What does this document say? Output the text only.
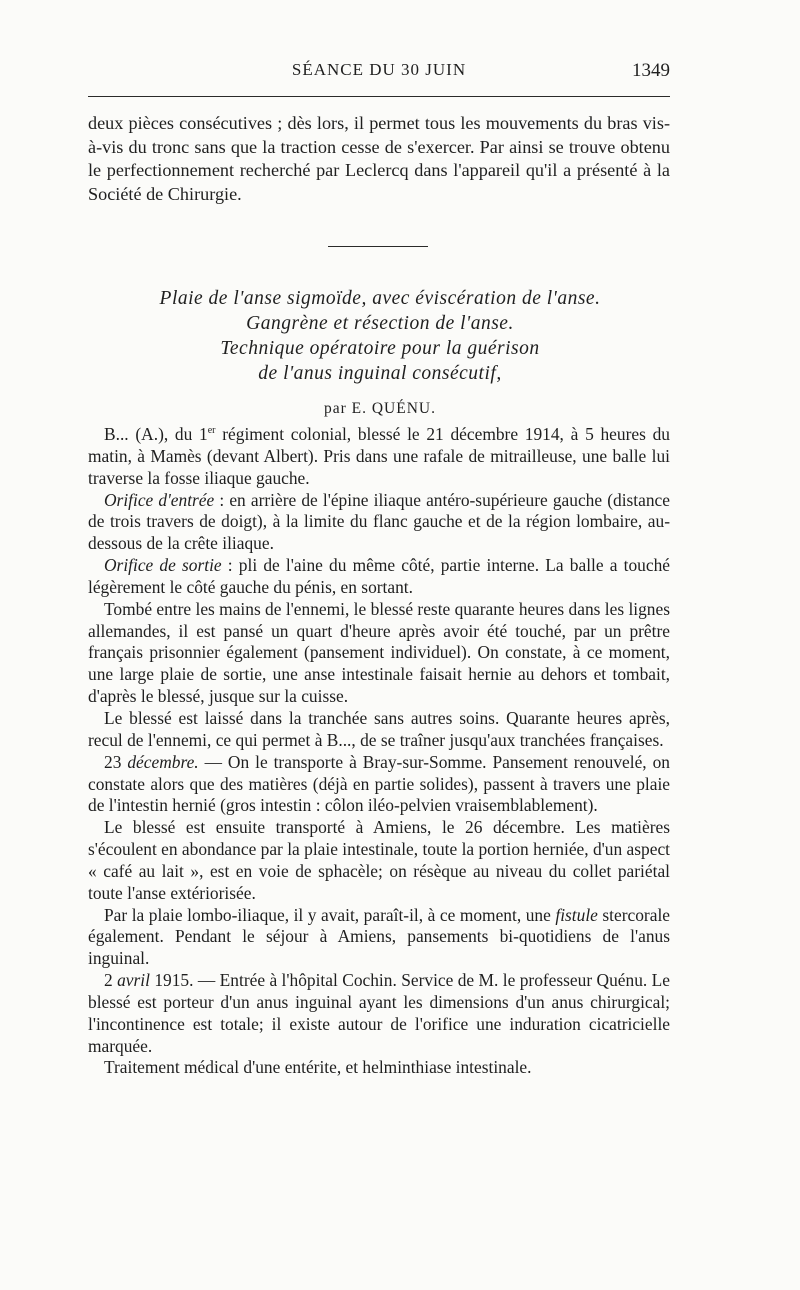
SÉANCE DU 30 JUIN	1349

deux pièces consécutives ; dès lors, il permet tous les mouvements du bras vis-à-vis du tronc sans que la traction cesse de s'exercer. Par ainsi se trouve obtenu le perfectionnement recherché par Leclercq dans l'appareil qu'il a présenté à la Société de Chirurgie.

Plaie de l'anse sigmoïde, avec éviscération de l'anse.
Gangrène et résection de l'anse.
Technique opératoire pour la guérison
de l'anus inguinal consécutif,
par E. QUÉNU.

B... (A.), du 1er régiment colonial, blessé le 21 décembre 1914, à 5 heures du matin, à Mamès (devant Albert). Pris dans une rafale de mitrailleuse, une balle lui traverse la fosse iliaque gauche.

Orifice d'entrée : en arrière de l'épine iliaque antéro-supérieure gauche (distance de trois travers de doigt), à la limite du flanc gauche et de la région lombaire, au-dessous de la crête iliaque.

Orifice de sortie : pli de l'aine du même côté, partie interne. La balle a touché légèrement le côté gauche du pénis, en sortant.

Tombé entre les mains de l'ennemi, le blessé reste quarante heures dans les lignes allemandes, il est pansé un quart d'heure après avoir été touché, par un prêtre français prisonnier également (pansement individuel). On constate, à ce moment, une large plaie de sortie, une anse intestinale faisait hernie au dehors et tombait, d'après le blessé, jusque sur la cuisse.

Le blessé est laissé dans la tranchée sans autres soins. Quarante heures après, recul de l'ennemi, ce qui permet à B..., de se traîner jusqu'aux tranchées françaises.

23 décembre. — On le transporte à Bray-sur-Somme. Pansement renouvelé, on constate alors que des matières (déjà en partie solides), passent à travers une plaie de l'intestin hernié (gros intestin : côlon iléo-pelvien vraisemblablement).

Le blessé est ensuite transporté à Amiens, le 26 décembre. Les matières s'écoulent en abondance par la plaie intestinale, toute la portion herniée, d'un aspect « café au lait », est en voie de sphacèle; on résèque au niveau du collet pariétal toute l'anse extériorisée.

Par la plaie lombo-iliaque, il y avait, paraît-il, à ce moment, une fistule stercorale également. Pendant le séjour à Amiens, pansements bi-quotidiens de l'anus inguinal.

2 avril 1915. — Entrée à l'hôpital Cochin. Service de M. le professeur Quénu. Le blessé est porteur d'un anus inguinal ayant les dimensions d'un anus chirurgical; l'incontinence est totale; il existe autour de l'orifice une induration cicatricielle marquée.

Traitement médical d'une entérite, et helminthiase intestinale.
